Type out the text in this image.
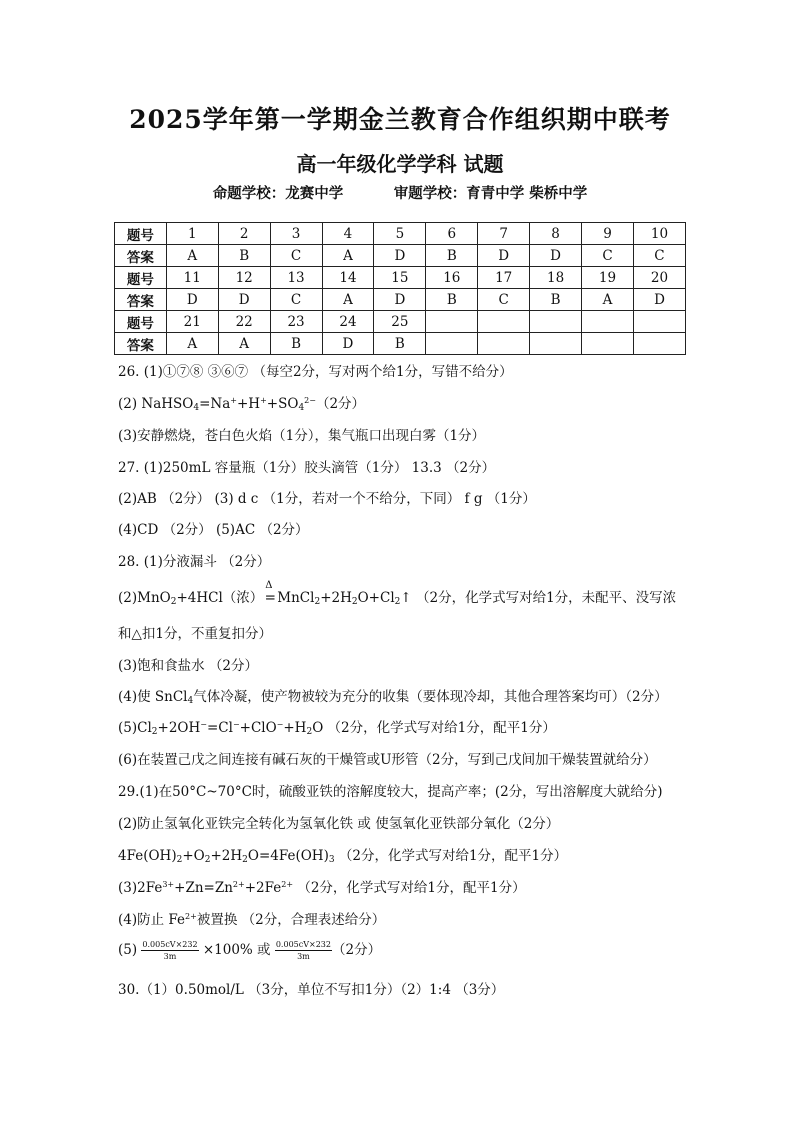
2025学年第一学期金兰教育合作组织期中联考
高一年级化学学科 试题
命题学校：龙赛中学          审题学校：育青中学 柴桥中学
题号	1	2	3	4	5	6	7	8	9	10
答案	A	B	C	A	D	B	D	D	C	C
题号	11	12	13	14	15	16	17	18	19	20
答案	D	D	C	A	D	B	C	B	A	D
题号	21	22	23	24	25					
答案	A	A	B	D	B					
26. (1)①⑦⑧ ③⑥⑦ （每空2分，写对两个给1分，写错不给分）
(2) $NaHSO_4=Na^++H^++SO_4^{2-}(2$分）
(3)安静燃烧，苍白色火焰（1分），集气瓶口出现白雾（1分）
27. (1)250mL 容量瓶（1分）胶头滴管（1分） 13.3 （2分）
(2)AB （2分） (3) d c （1分，若对一个不给分，下同） f g （1分）
(4)CD （2分） (5)AC （2分）
28. (1)分液漏斗 （2分）
(2)MnO$_2$+4HCl（浓）
Δ
$=MnCl_2+2H_2O+Cl_2↑$ （2分，化学式写对给1分，未配平、没写浓
和△扣1分，不重复扣分）
(3)饱和食盐水 （2分）
(4)使 SnCl$_4$气体冷凝，使产物被较为充分的收集（要体现冷却，其他合理答案均可）（2分）
$(5)Cl_2+2OH^-=Cl^-+ClO^-+H_2O$ （2分，化学式写对给1分，配平1分）
(6)在装置己戊之间连接有碱石灰的干燥管或U形管（2分，写到己戊间加干燥装置就给分）
29.(1)在50°C~70°C时，硫酸亚铁的溶解度较大，提高产率；(2分，写出溶解度大就给分)
(2)防止氢氧化亚铁完全转化为氢氧化铁 或 使氢氧化亚铁部分氧化（2分）
$4Fe(OH)_2+O_2+2H_2O=4Fe(OH)_3$ （2分，化学式写对给1分，配平1分）
$(3)2Fe^{3+}+Zn=Zn^{2+}+2Fe^{2+}$ （2分，化学式写对给1分，配平1分）
(4)防止 $Fe^{2+}$被置换 （2分，合理表述给分）
$(5) \frac{0.005cV\times 232}{3m} \times 100\%$ 或 $\frac{0.005cV\times 232}{3m} (2$分）
30.（1）0.50mol/L （3分，单位不写扣1分）（2）1:4 （3分）
